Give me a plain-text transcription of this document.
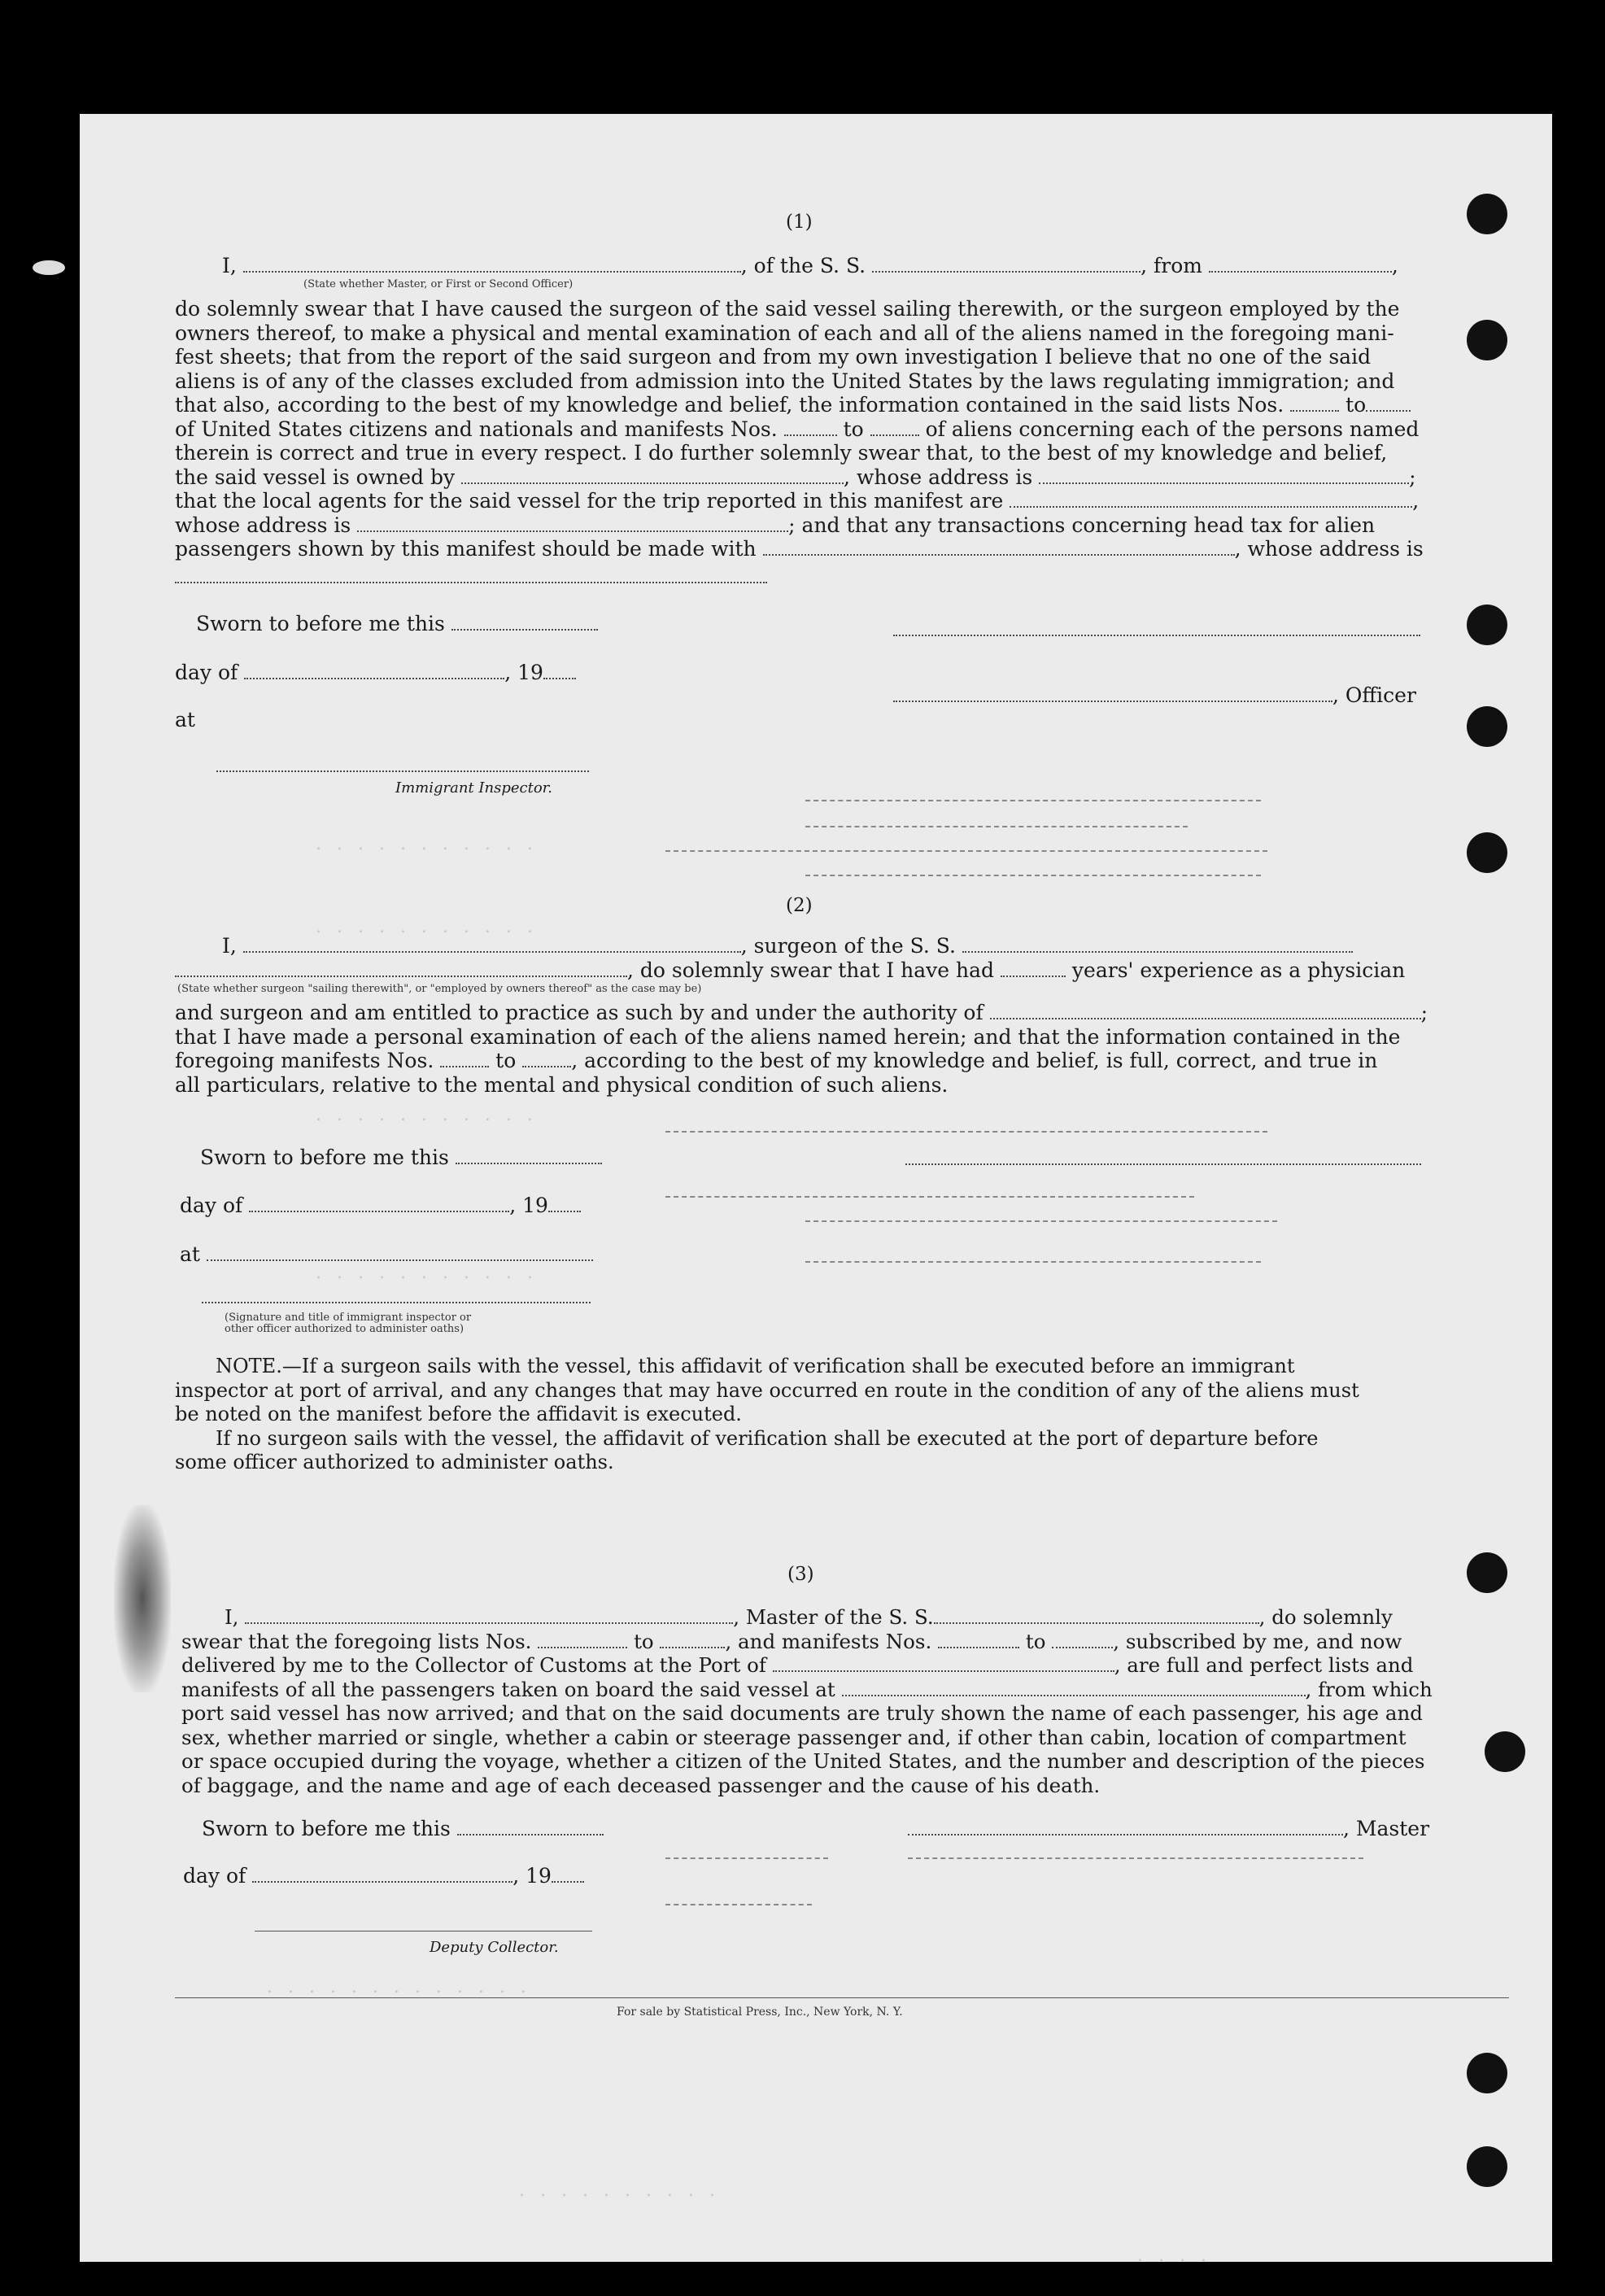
(1)
I,	, of the S. S.	, from	,
(State whether Master, or First or Second Officer)
do solemnly swear that I have caused the surgeon of the said vessel sailing therewith, or the surgeon employed by the
owners thereof, to make a physical and mental examination of each and all of the aliens named in the foregoing mani-
fest sheets; that from the report of the said surgeon and from my own investigation I believe that no one of the said
aliens is of any of the classes excluded from admission into the United States by the laws regulating immigration; and
that also, according to the best of my knowledge and belief, the information contained in the said lists Nos.	to
of United States citizens and nationals and manifests Nos.	to	of aliens concerning each of the persons named
therein is correct and true in every respect. I do further solemnly swear that, to the best of my knowledge and belief,
the said vessel is owned by	, whose address is	;
that the local agents for the said vessel for the trip reported in this manifest are	,
whose address is	; and that any transactions concerning head tax for alien
passengers shown by this manifest should be made with	, whose address is
Sworn to before me this
day of	, 19
at
Immigrant Inspector.
, Officer
. . . . . . . . . . .
. . . . . . . . . . .
(2)
I,	, surgeon of the S. S.
, do solemnly swear that I have had	years' experience as a physician
(State whether surgeon "sailing therewith", or "employed by owners thereof" as the case may be)
and surgeon and am entitled to practice as such by and under the authority of	;
that I have made a personal examination of each of the aliens named herein; and that the information contained in the
foregoing manifests Nos.	to	, according to the best of my knowledge and belief, is full, correct, and true in
all particulars, relative to the mental and physical condition of such aliens.
. . . . . . . . . . .
Sworn to before me this
day of	, 19
at
. . . . . . . . . . .
(Signature and title of immigrant inspector or
other officer authorized to administer oaths)
NOTE.—If a surgeon sails with the vessel, this affidavit of verification shall be executed before an immigrant
inspector at port of arrival, and any changes that may have occurred en route in the condition of any of the aliens must
be noted on the manifest before the affidavit is executed.
If no surgeon sails with the vessel, the affidavit of verification shall be executed at the port of departure before
some officer authorized to administer oaths.
(3)
I,	, Master of the S. S.	, do solemnly
swear that the foregoing lists Nos.	to	, and manifests Nos.	to	, subscribed by me, and now
delivered by me to the Collector of Customs at the Port of	, are full and perfect lists and
manifests of all the passengers taken on board the said vessel at	, from which
port said vessel has now arrived; and that on the said documents are truly shown the name of each passenger, his age and
sex, whether married or single, whether a cabin or steerage passenger and, if other than cabin, location of compartment
or space occupied during the voyage, whether a citizen of the United States, and the number and description of the pieces
of baggage, and the name and age of each deceased passenger and the cause of his death.
Sworn to before me this	, Master
day of	, 19
Deputy Collector.
. . . . . . . . . . . . .
For sale by Statistical Press, Inc., New York, N. Y.
. . . . . . . . . .
. . . .
